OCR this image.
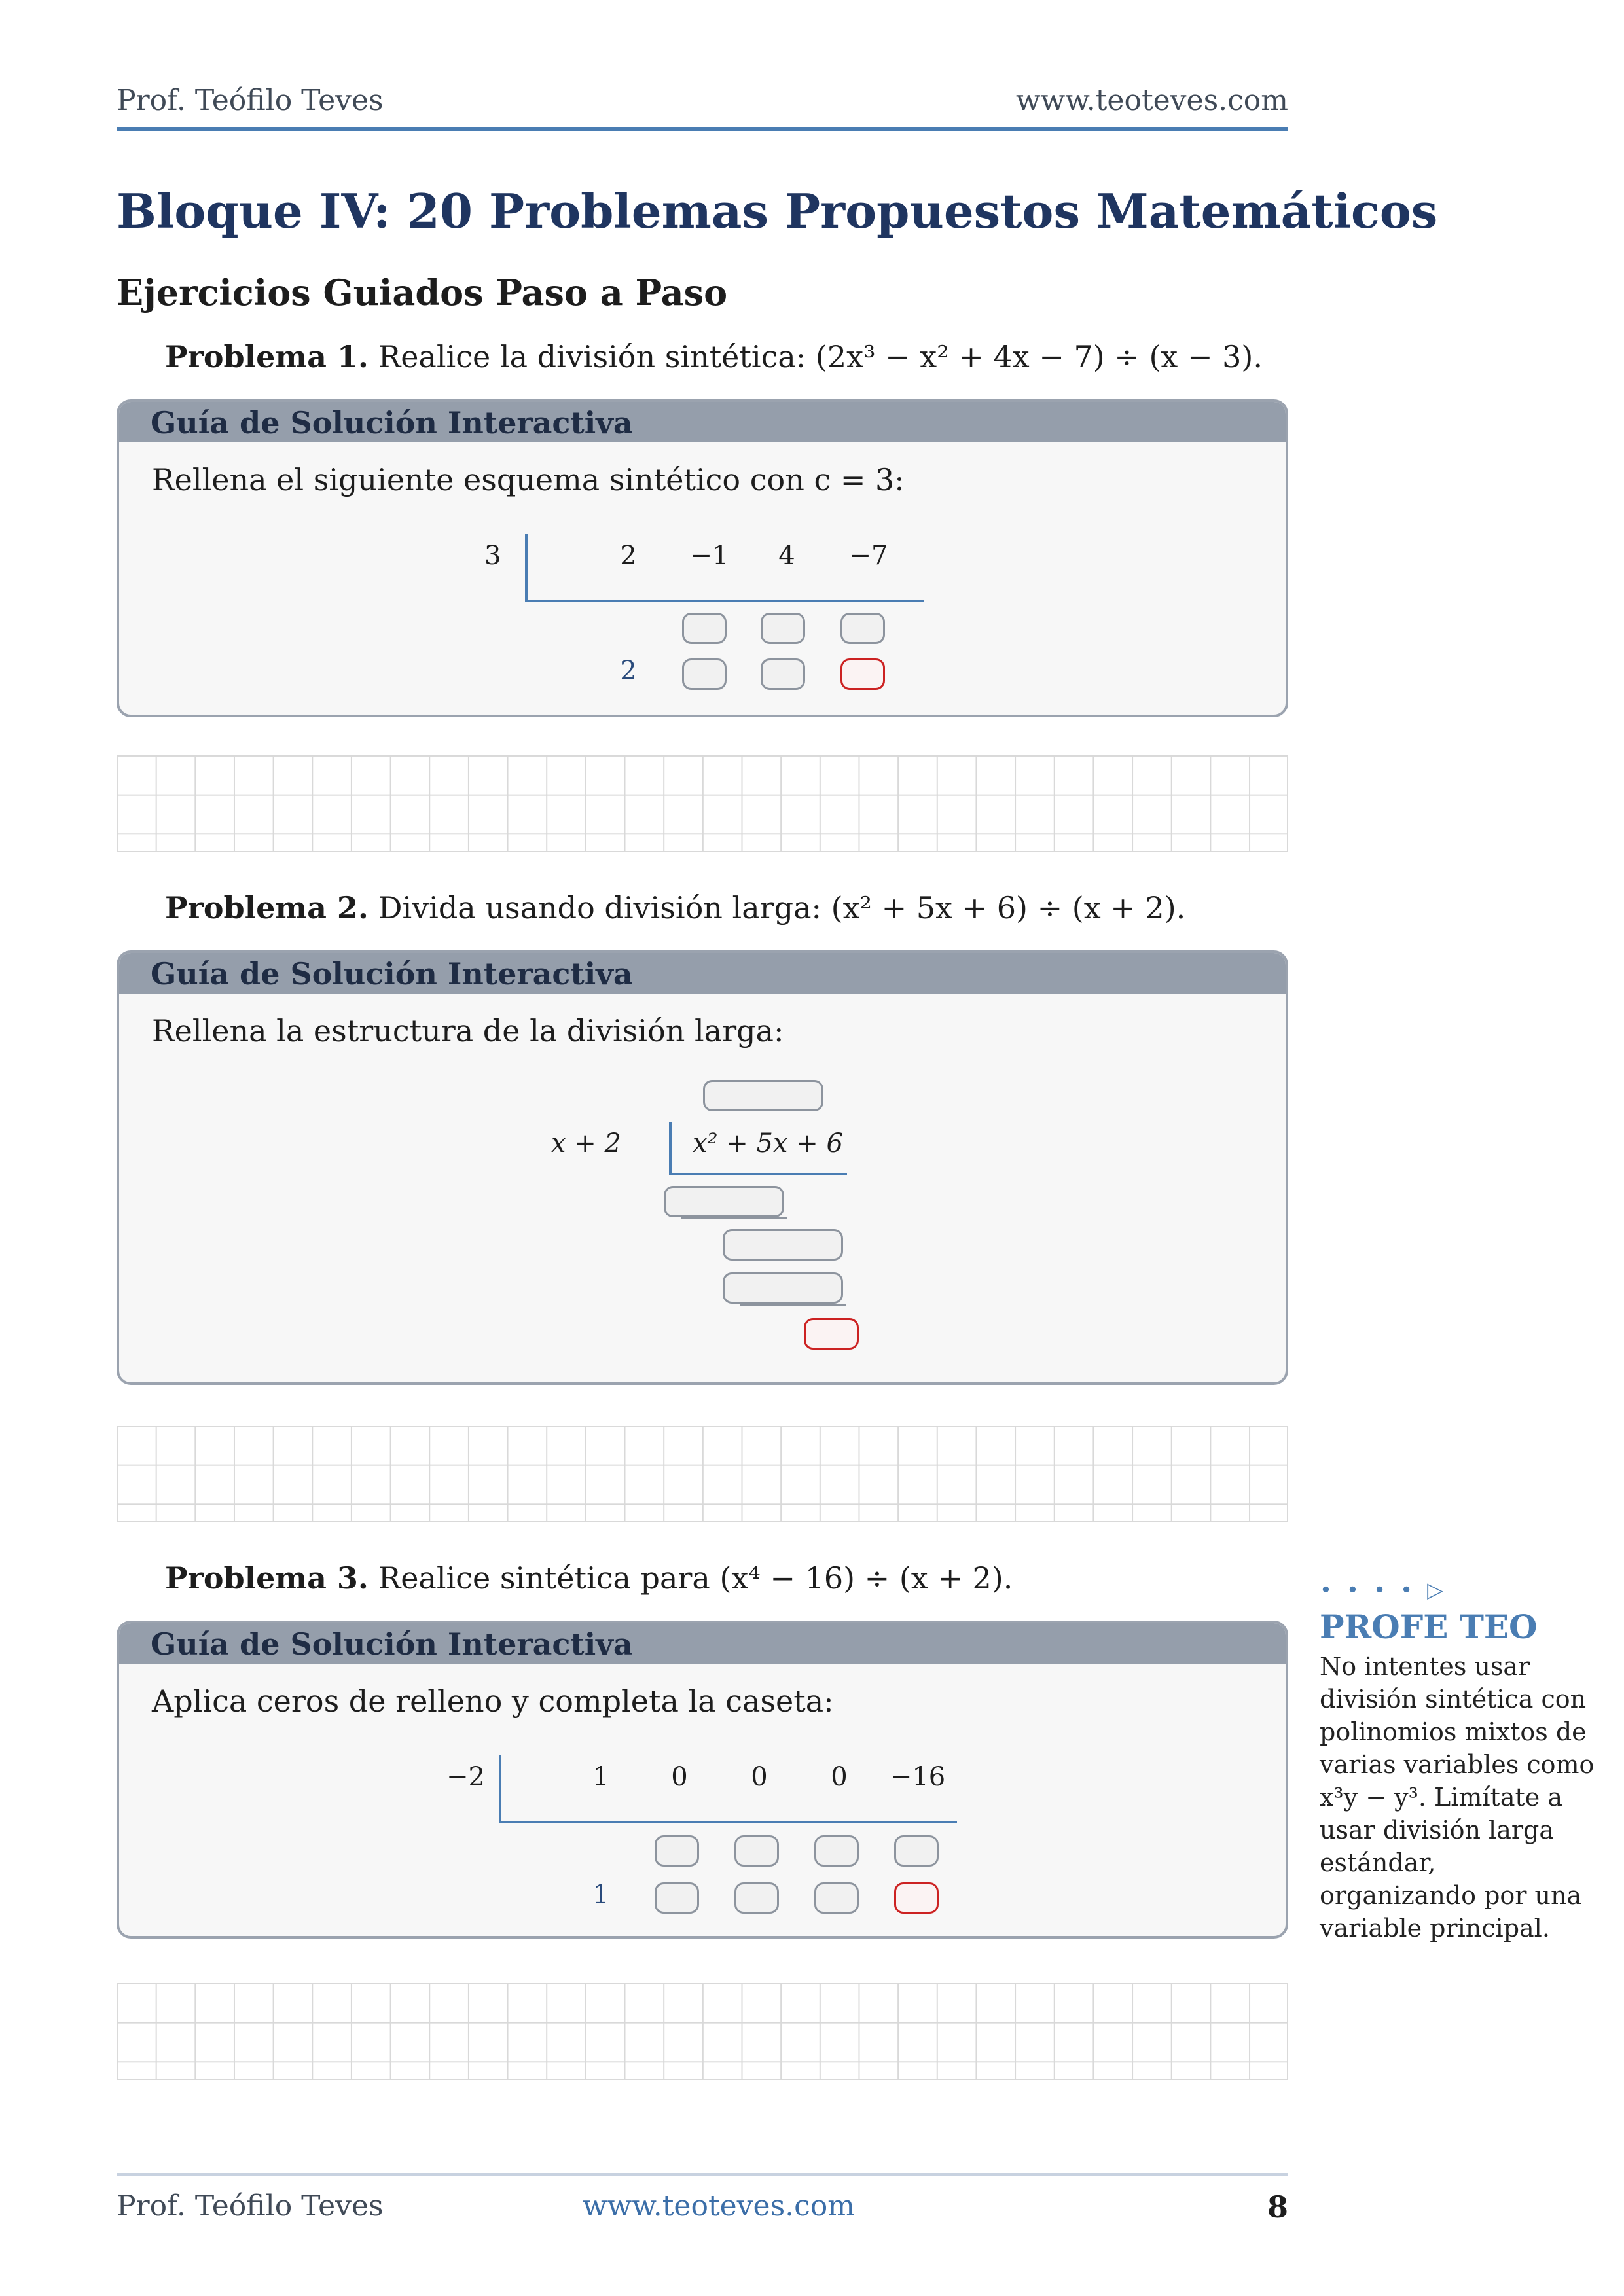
Prof. Teófilo Teves	www.teoteves.com
Bloque IV: 20 Problemas Propuestos Matemáticos
Ejercicios Guiados Paso a Paso
Problema 1. Realice la división sintética: (2x³ − x² + 4x − 7) ÷ (x − 3).
Guía de Solución Interactiva
Rellena el siguiente esquema sintético con c = 3:
3	2 −1 4 −7
2
Problema 2. Divida usando división larga: (x² + 5x + 6) ÷ (x + 2).
Guía de Solución Interactiva
Rellena la estructura de la división larga:
x + 2	x² + 5x + 6
Problema 3. Realice sintética para (x⁴ − 16) ÷ (x + 2).
Guía de Solución Interactiva
Aplica ceros de relleno y completa la caseta:
−2	1 0 0 0 −16
1
• • • • ▷
PROFE TEO
No intentes usar división sintética con polinomios mixtos de varias variables como x³y − y³. Limítate a usar división larga estándar, organizando por una variable principal.
Prof. Teófilo Teves	www.teoteves.com	8
